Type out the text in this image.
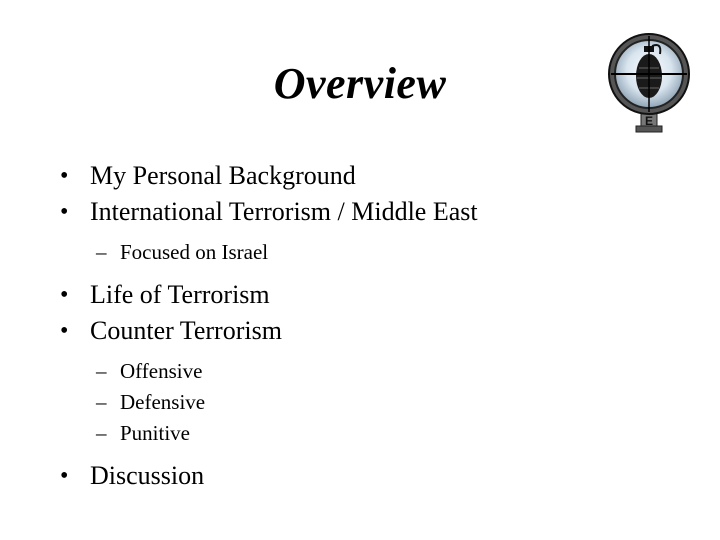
Overview
E
• My Personal Background
• International Terrorism / Middle East
– Focused on Israel
• Life of Terrorism
• Counter Terrorism
– Offensive
– Defensive
– Punitive
• Discussion
